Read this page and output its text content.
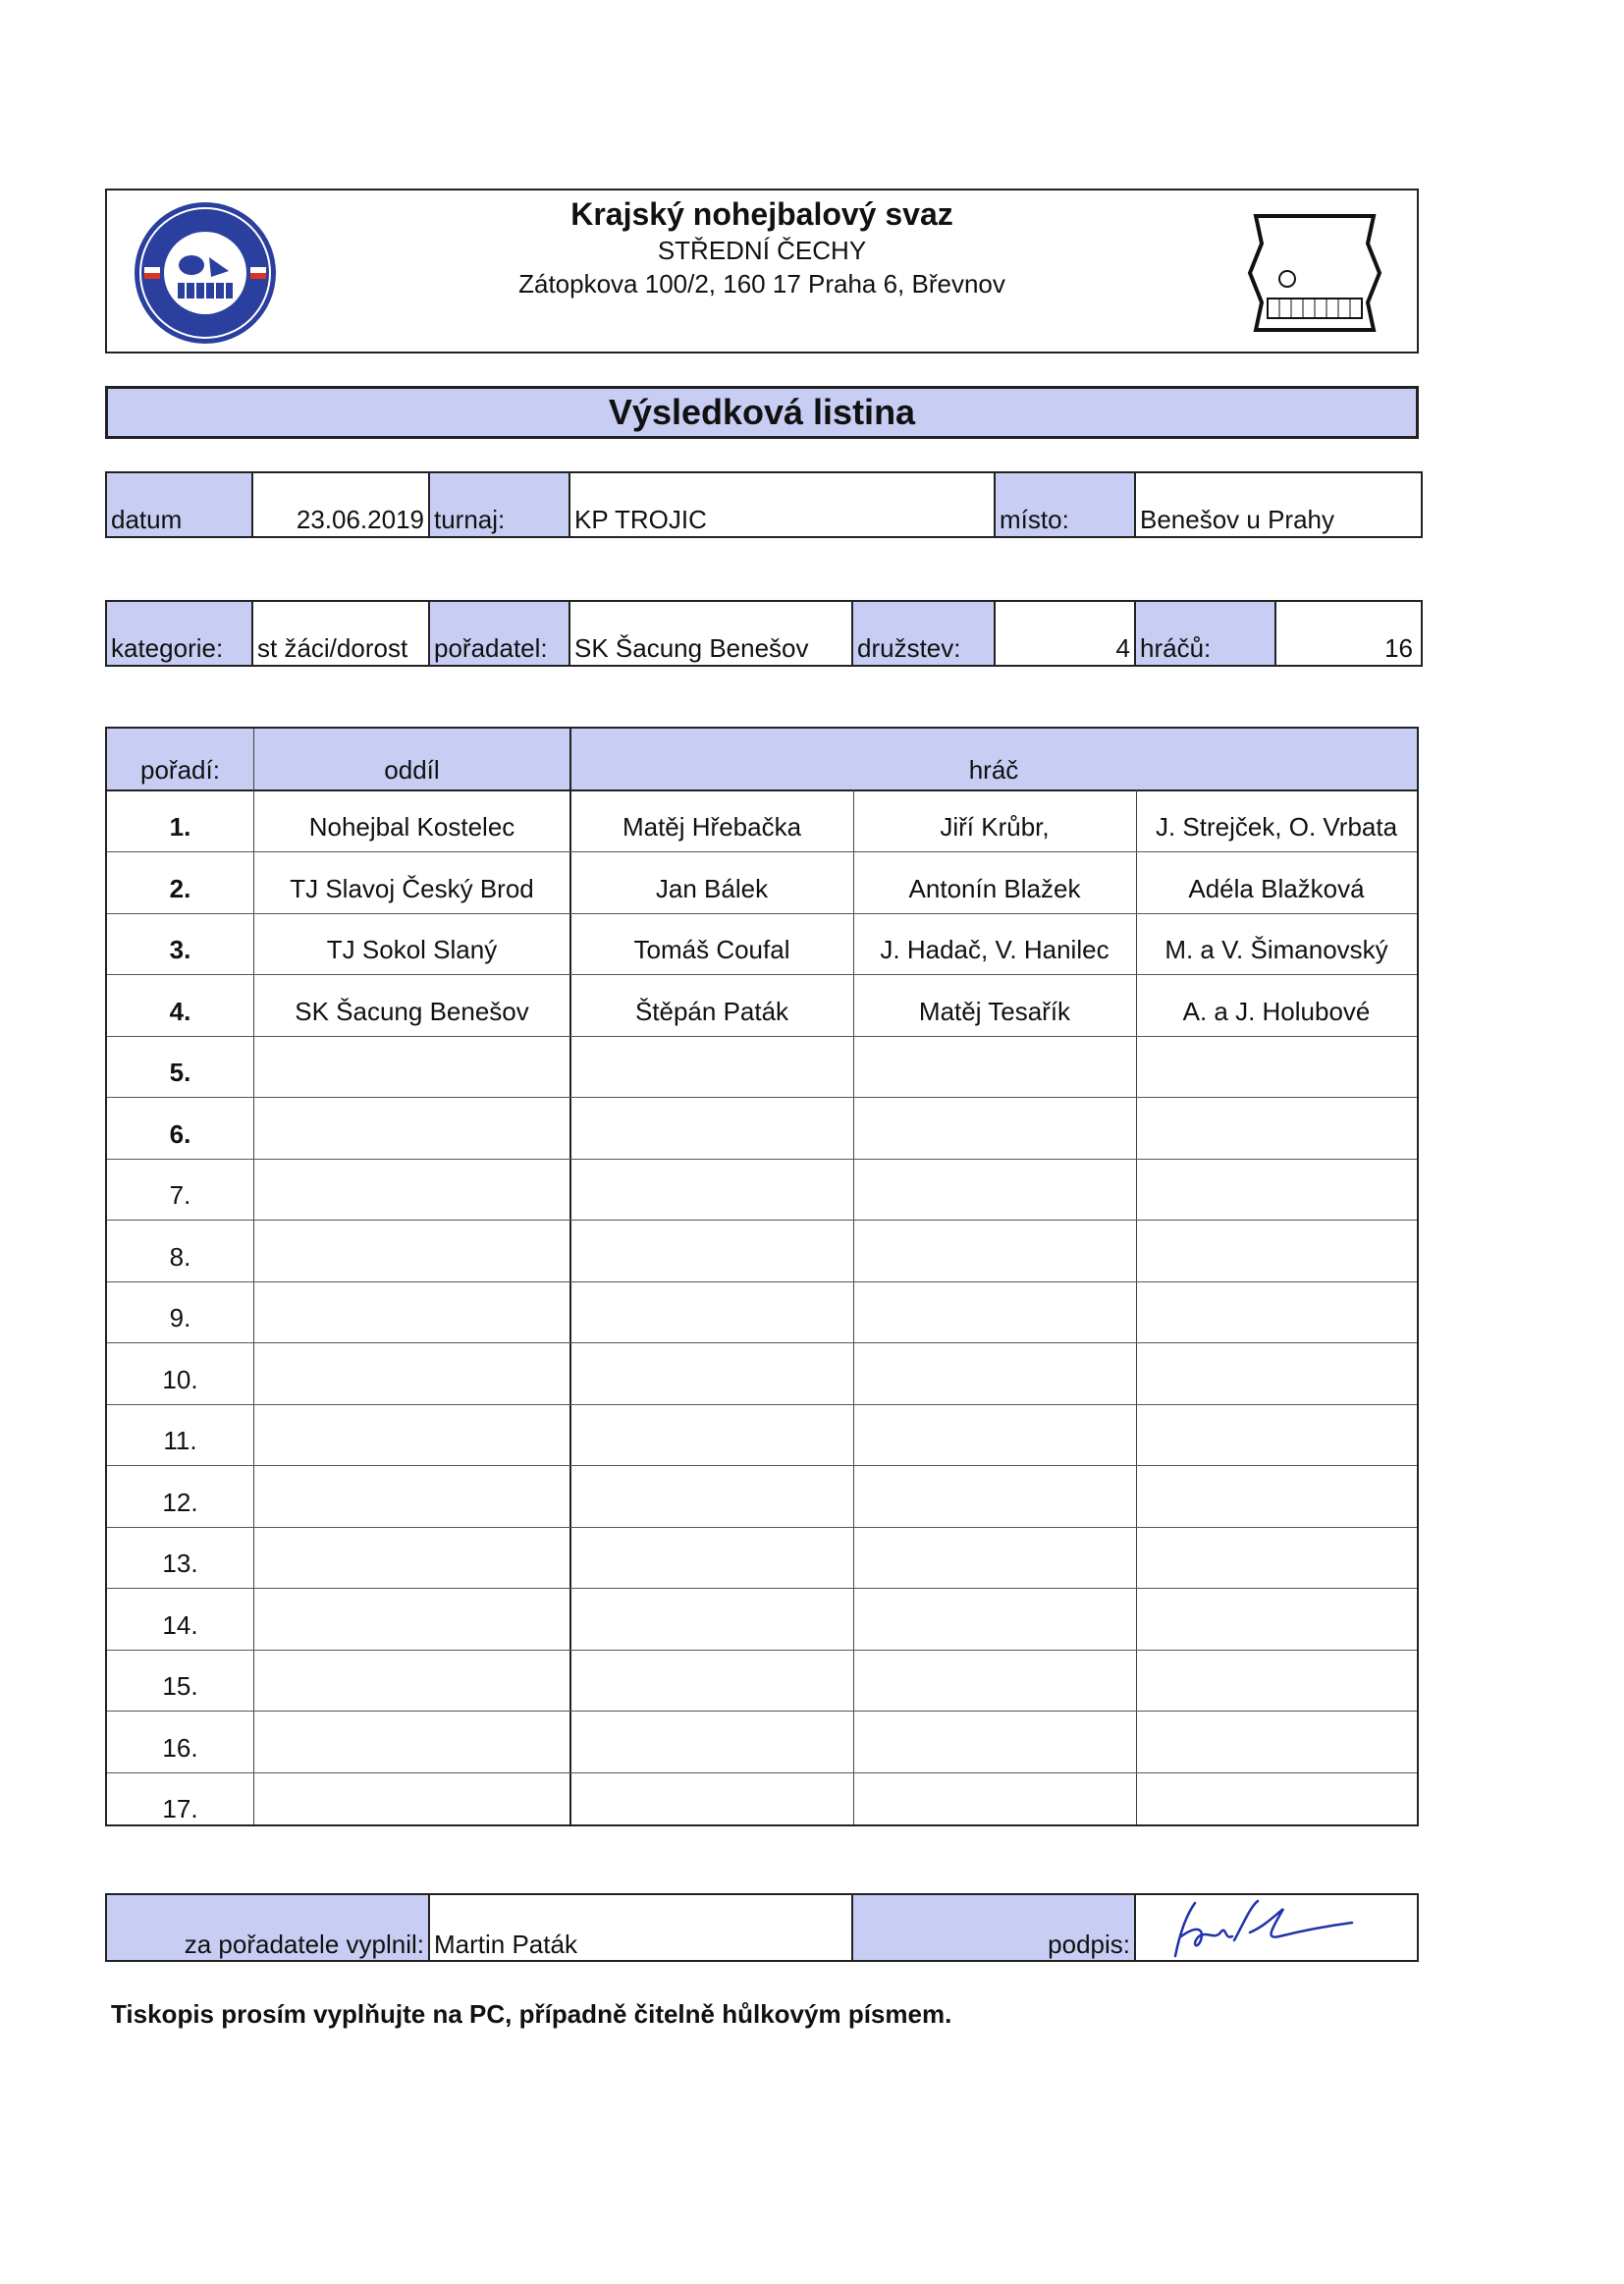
Krajský nohejbalový svaz
STŘEDNÍ ČECHY
Zátopkova 100/2, 160 17 Praha 6, Břevnov
Výsledková listina
datum	23.06.2019 turnaj:	KP TROJIC	místo:	Benešov u Prahy
kategorie:	st žáci/dorost	pořadatel:	SK Šacung Benešov	družstev:	4 hráčů:	16
pořadí:	oddíl	hráč
1.	Nohejbal Kostelec	Matěj Hřebačka	Jiří Krůbr,	J. Strejček, O. Vrbata
2.	TJ Slavoj Český Brod	Jan Bálek	Antonín Blažek	Adéla Blažková
3.	TJ Sokol Slaný	Tomáš Coufal	J. Hadač, V. Hanilec	M. a V. Šimanovský
4.	SK Šacung Benešov	Štěpán Paták	Matěj Tesařík	A. a J. Holubové
5.
6.
7.
8.
9.
10.
11.
12.
13.
14.
15.
16.
17.
za pořadatele vyplnil: Martin Paták	podpis:
Tiskopis prosím vyplňujte na PC, případně čitelně hůlkovým písmem.
